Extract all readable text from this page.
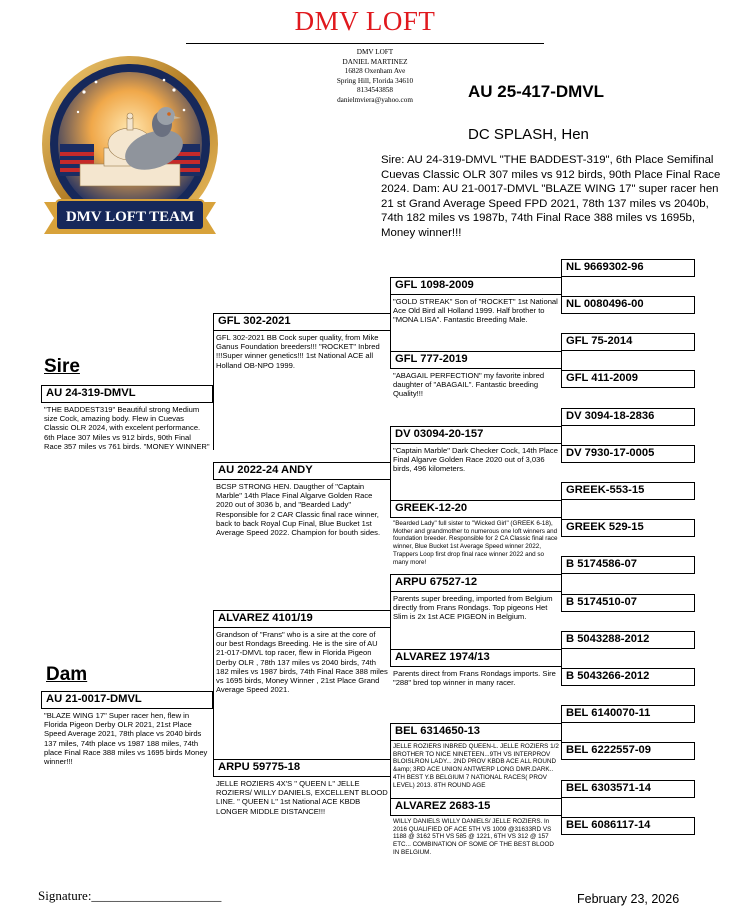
DMV LOFT
DMV LOFT
DANIEL MARTINEZ
16828 Oxenham Ave
Spring Hill, Florida 34610
8134543858
danielmviera@yahoo.com
DMV LOFT TEAM
AU 25-417-DMVL
DC SPLASH, Hen
Sire: AU 24-319-DMVL "THE BADDEST-319", 6th Place Semifinal Cuevas Classic OLR 307 miles vs 912 birds, 90th Place Final Race 2024. Dam: AU 21-0017-DMVL "BLAZE WING 17" super racer hen 21 st Grand Average Speed FPD 2021, 78th 137 miles vs 2040b, 74th 182 miles vs 1987b, 74th Final Race 388 miles vs 1695b, Money winner!!!
Sire
AU 24-319-DMVL
"THE BADDEST319" Beautiful strong Medium size Cock, amazing body. Flew in Cuevas Classic OLR 2024, with excelent performance. 6th Place 307 Miles vs 912 birds, 90th Final Race 357 miles vs 761 birds. "MONEY WINNER"
Dam
AU 21-0017-DMVL
"BLAZE WING 17" Super racer hen, flew in Florida Pigeon Derby OLR 2021, 21st Place Speed Average 2021, 78th place vs 2040 birds 137 miles, 74th place vs 1987 188 miles, 74th place Final Race 388 miles vs 1695 birds Money winner!!!
GFL 302-2021
GFL 302-2021 BB Cock super quality, from Mike Ganus Foundation breeders!!! "ROCKET" Inbred !!!Super winner genetics!!! 1st National ACE all Holland OB-NPO 1999.
AU 2022-24 ANDY
BCSP STRONG HEN. Daugther of "Captain Marble" 14th Place Final Algarve Golden Race 2020 out of 3036 b, and "Bearded Lady" Responsible for 2 CAR Classic final race winner, back to back Royal Cup Final, Blue Bucket 1st Average Speed 2022. Champion for bouth sides.
ALVAREZ 4101/19
Grandson of "Frans" who is a sire at the core of our best Rondags Breeding. He is the sire of AU 21-017-DMVL top racer, flew in Florida Pigeon Derby OLR , 78th 137 miles vs 2040 birds, 74th 182 miles vs 1987 birds, 74th Final Race 388 miles vs 1695 birds, Money Winner , 21st Place Grand Average Speed 2021.
ARPU 59775-18
JELLE ROZIERS 4X'S " QUEEN L" JELLE ROZIERS/ WILLY DANIELS, EXCELLENT BLOOD LINE. " QUEEN L" 1st National ACE KBDB LONGER MIDDLE DISTANCE!!!
GFL 1098-2009
"GOLD STREAK" Son of "ROCKET" 1st National Ace Old Bird all Holland 1999. Half brother to "MONA LISA". Fantastic Breeding Male.
GFL 777-2019
"ABAGAIL PERFECTION" my favorite inbred daughter of "ABAGAIL". Fantastic breeding Quality!!!
DV 03094-20-157
"Captain Marble" Dark Checker Cock, 14th Place Final Algarve Golden Race 2020 out of 3,036 birds, 496 kilometers.
GREEK-12-20
"Bearded Lady" full sister to "Wicked Girl" (GREEK 6-18), Mother and grandmother to numerous one loft winners and foundation breeder. Responsible for 2 CA Classic final race winner, Blue Bucket 1st Average Speed winner 2022, Trappers Loop first drop final race winner 2022 and so many more!
ARPU 67527-12
Parents super breeding, imported from Belgium directly from Frans Rondags. Top pigeons Het Slim is 2x 1st ACE PIGEON in Belgium.
ALVAREZ 1974/13
Parents direct from Frans Rondags imports. Sire "288" bred top winner in many racer.
BEL 6314650-13
JELLE ROZIERS INBRED QUEEN-L. JELLE ROZIERS 1/2 BROTHER TO NICE NINETEEN...9TH VS INTERPROV BLOISLRON LADY... 2ND PROV KBDB ACE ALL ROUND &amp; 3RD ACE UNION ANTWERP LONG DMR.DARK.. 4TH BEST Y.B BELGIUM 7 NATIONAL RACES( PROV LEVEL) 2013. 8TH ROUND AGE
ALVAREZ 2683-15
WILLY DANIELS WILLY DANIELS/ JELLE ROZIERS. In 2016 QUALIFIED OF ACE 5TH VS 1009 @31633RD VS 1188 @ 3162 5TH VS 585 @ 1221, 6TH VS 312 @ 157 ETC... COMBINATION OF SOME OF THE BEST BLOOD IN BELGIUM.
NL 9669302-96
NL 0080496-00
GFL 75-2014
GFL 411-2009
DV 3094-18-2836
DV 7930-17-0005
GREEK-553-15
GREEK 529-15
B 5174586-07
B 5174510-07
B 5043288-2012
B 5043266-2012
BEL 6140070-11
BEL 6222557-09
BEL 6303571-14
BEL 6086117-14
Signature:____________________	February 23, 2026
